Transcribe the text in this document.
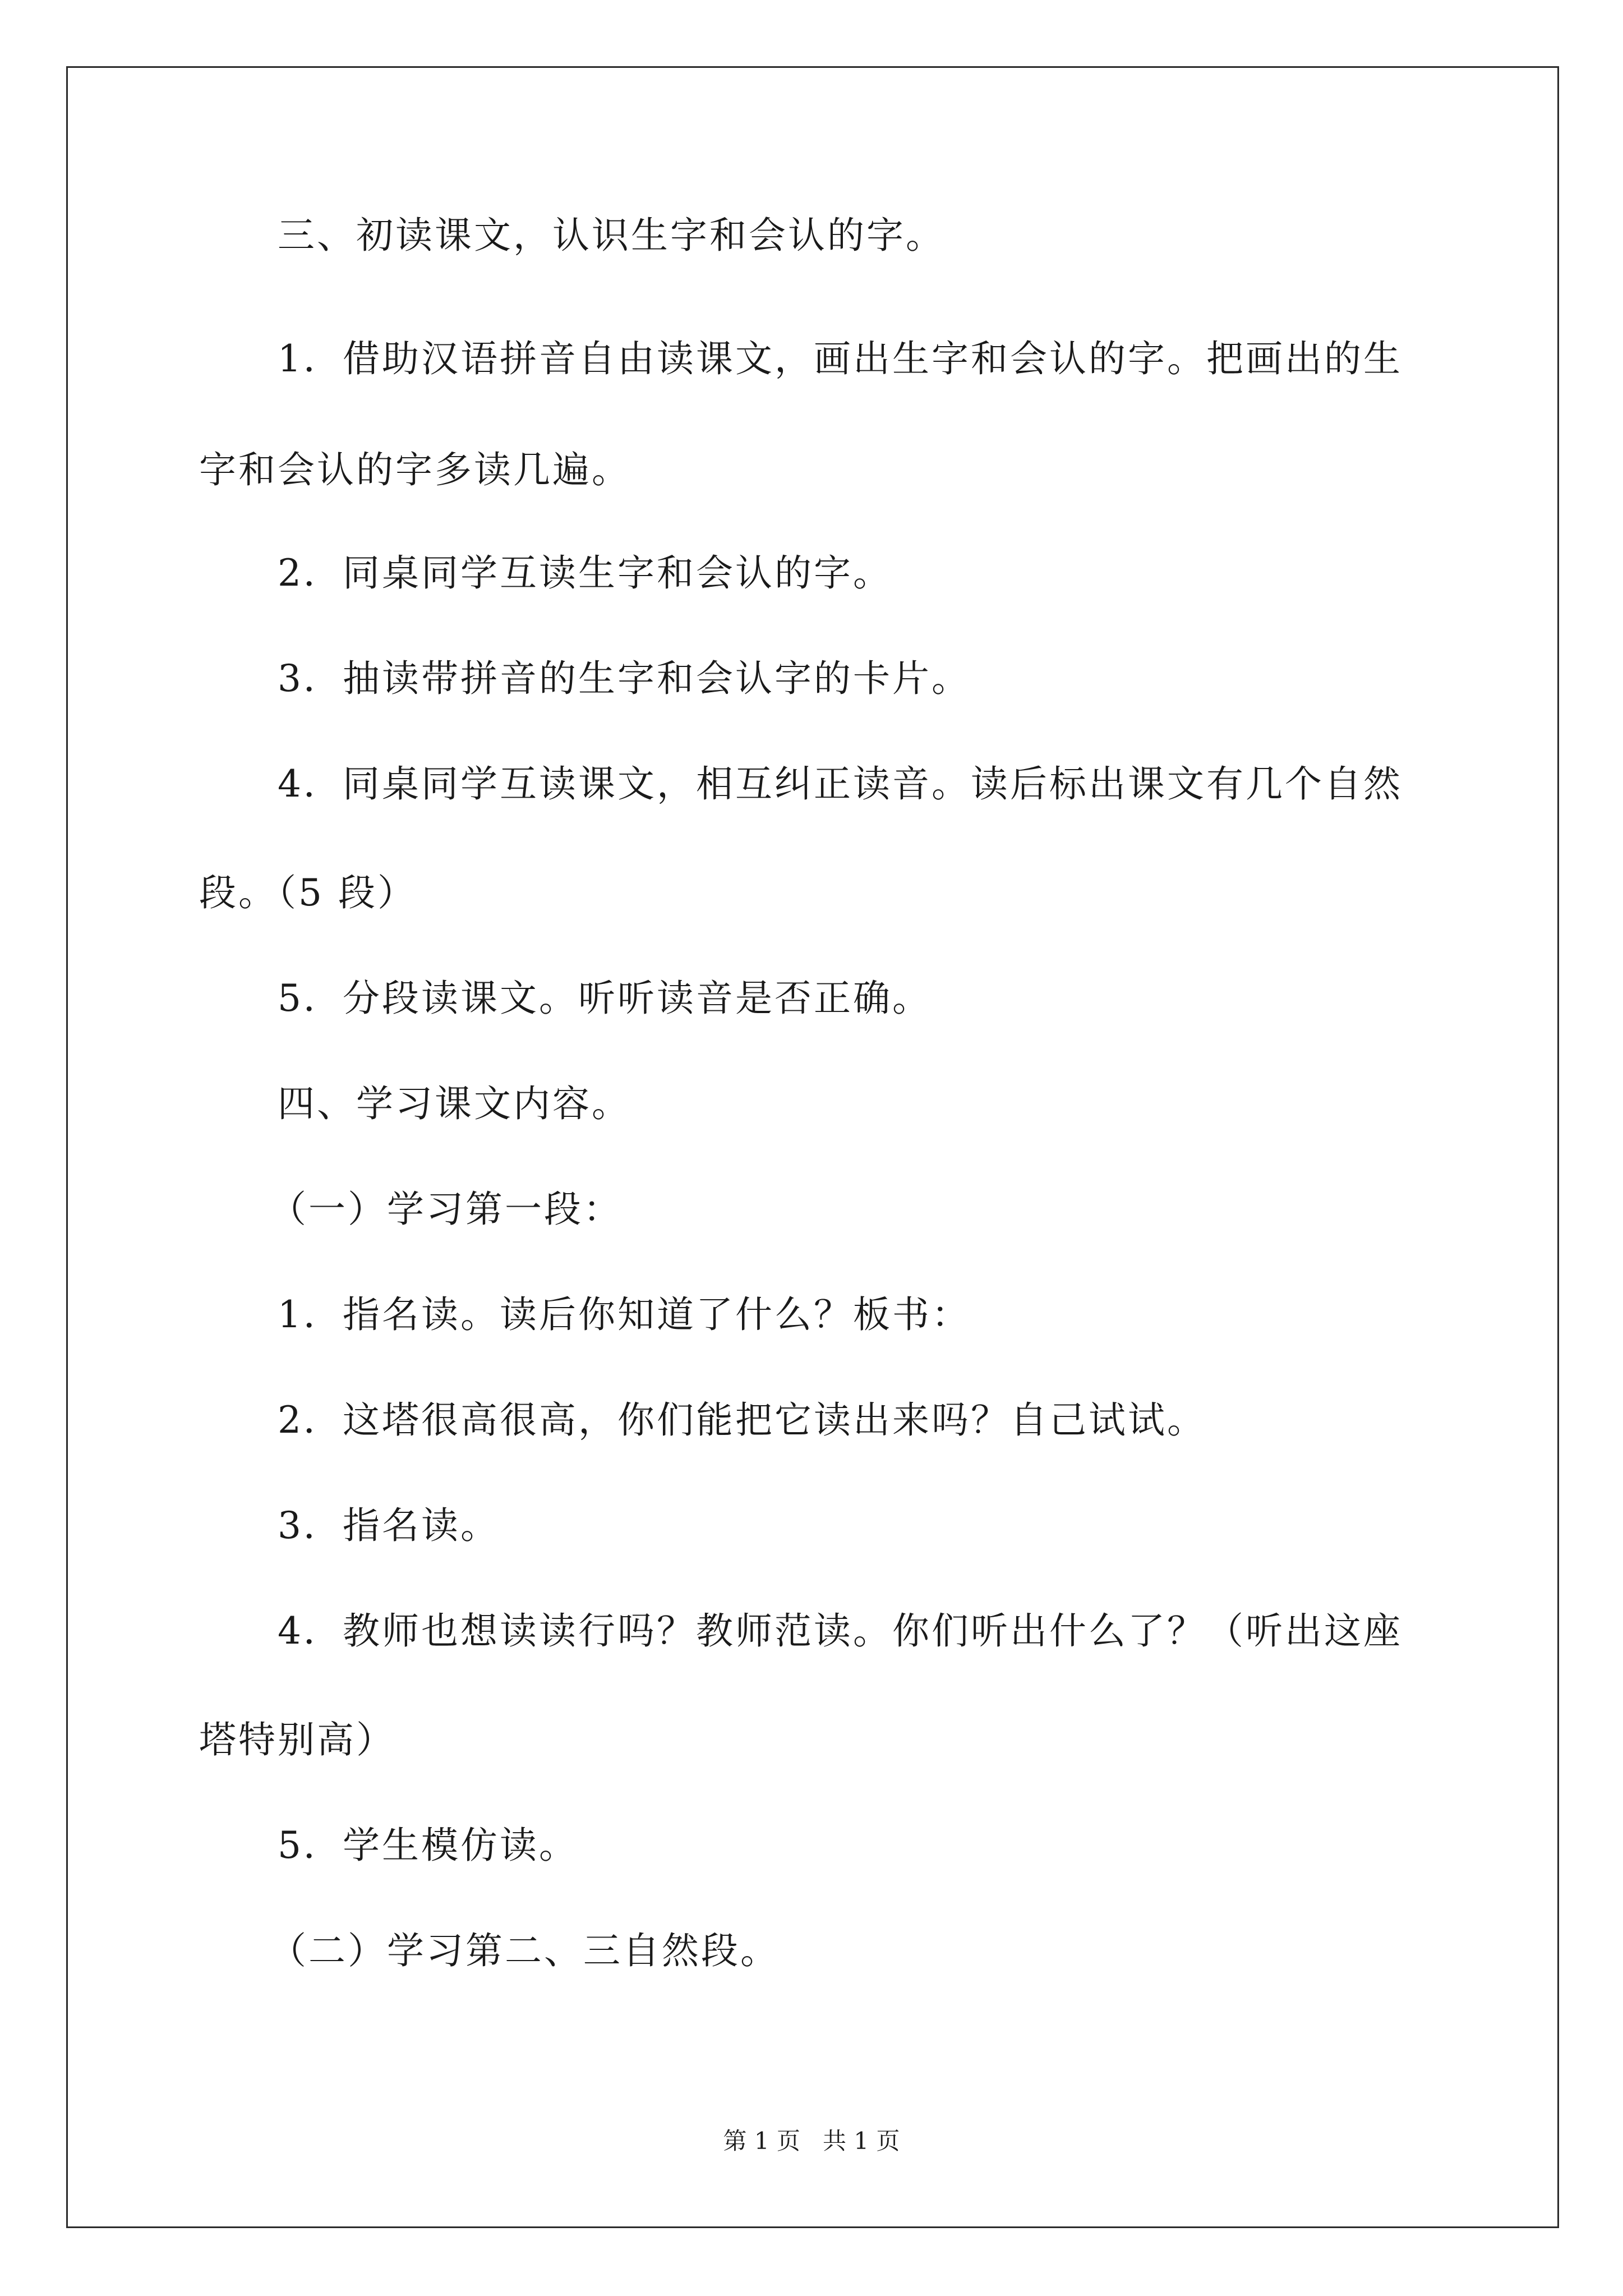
三、初读课文，认识生字和会认的字。
1．借助汉语拼音自由读课文，画出生字和会认的字。把画出的生
字和会认的字多读几遍。
2．同桌同学互读生字和会认的字。
3．抽读带拼音的生字和会认字的卡片。
4．同桌同学互读课文，相互纠正读音。读后标出课文有几个自然
段。（5 段）
5．分段读课文。听听读音是否正确。
四、学习课文内容。
（一）学习第一段：
1．指名读。读后你知道了什么？板书：
2．这塔很高很高，你们能把它读出来吗？自己试试。
3．指名读。
4．教师也想读读行吗？教师范读。你们听出什么了？（听出这座
塔特别高）
5．学生模仿读。
（二）学习第二、三自然段。
第 1 页   共 1 页
